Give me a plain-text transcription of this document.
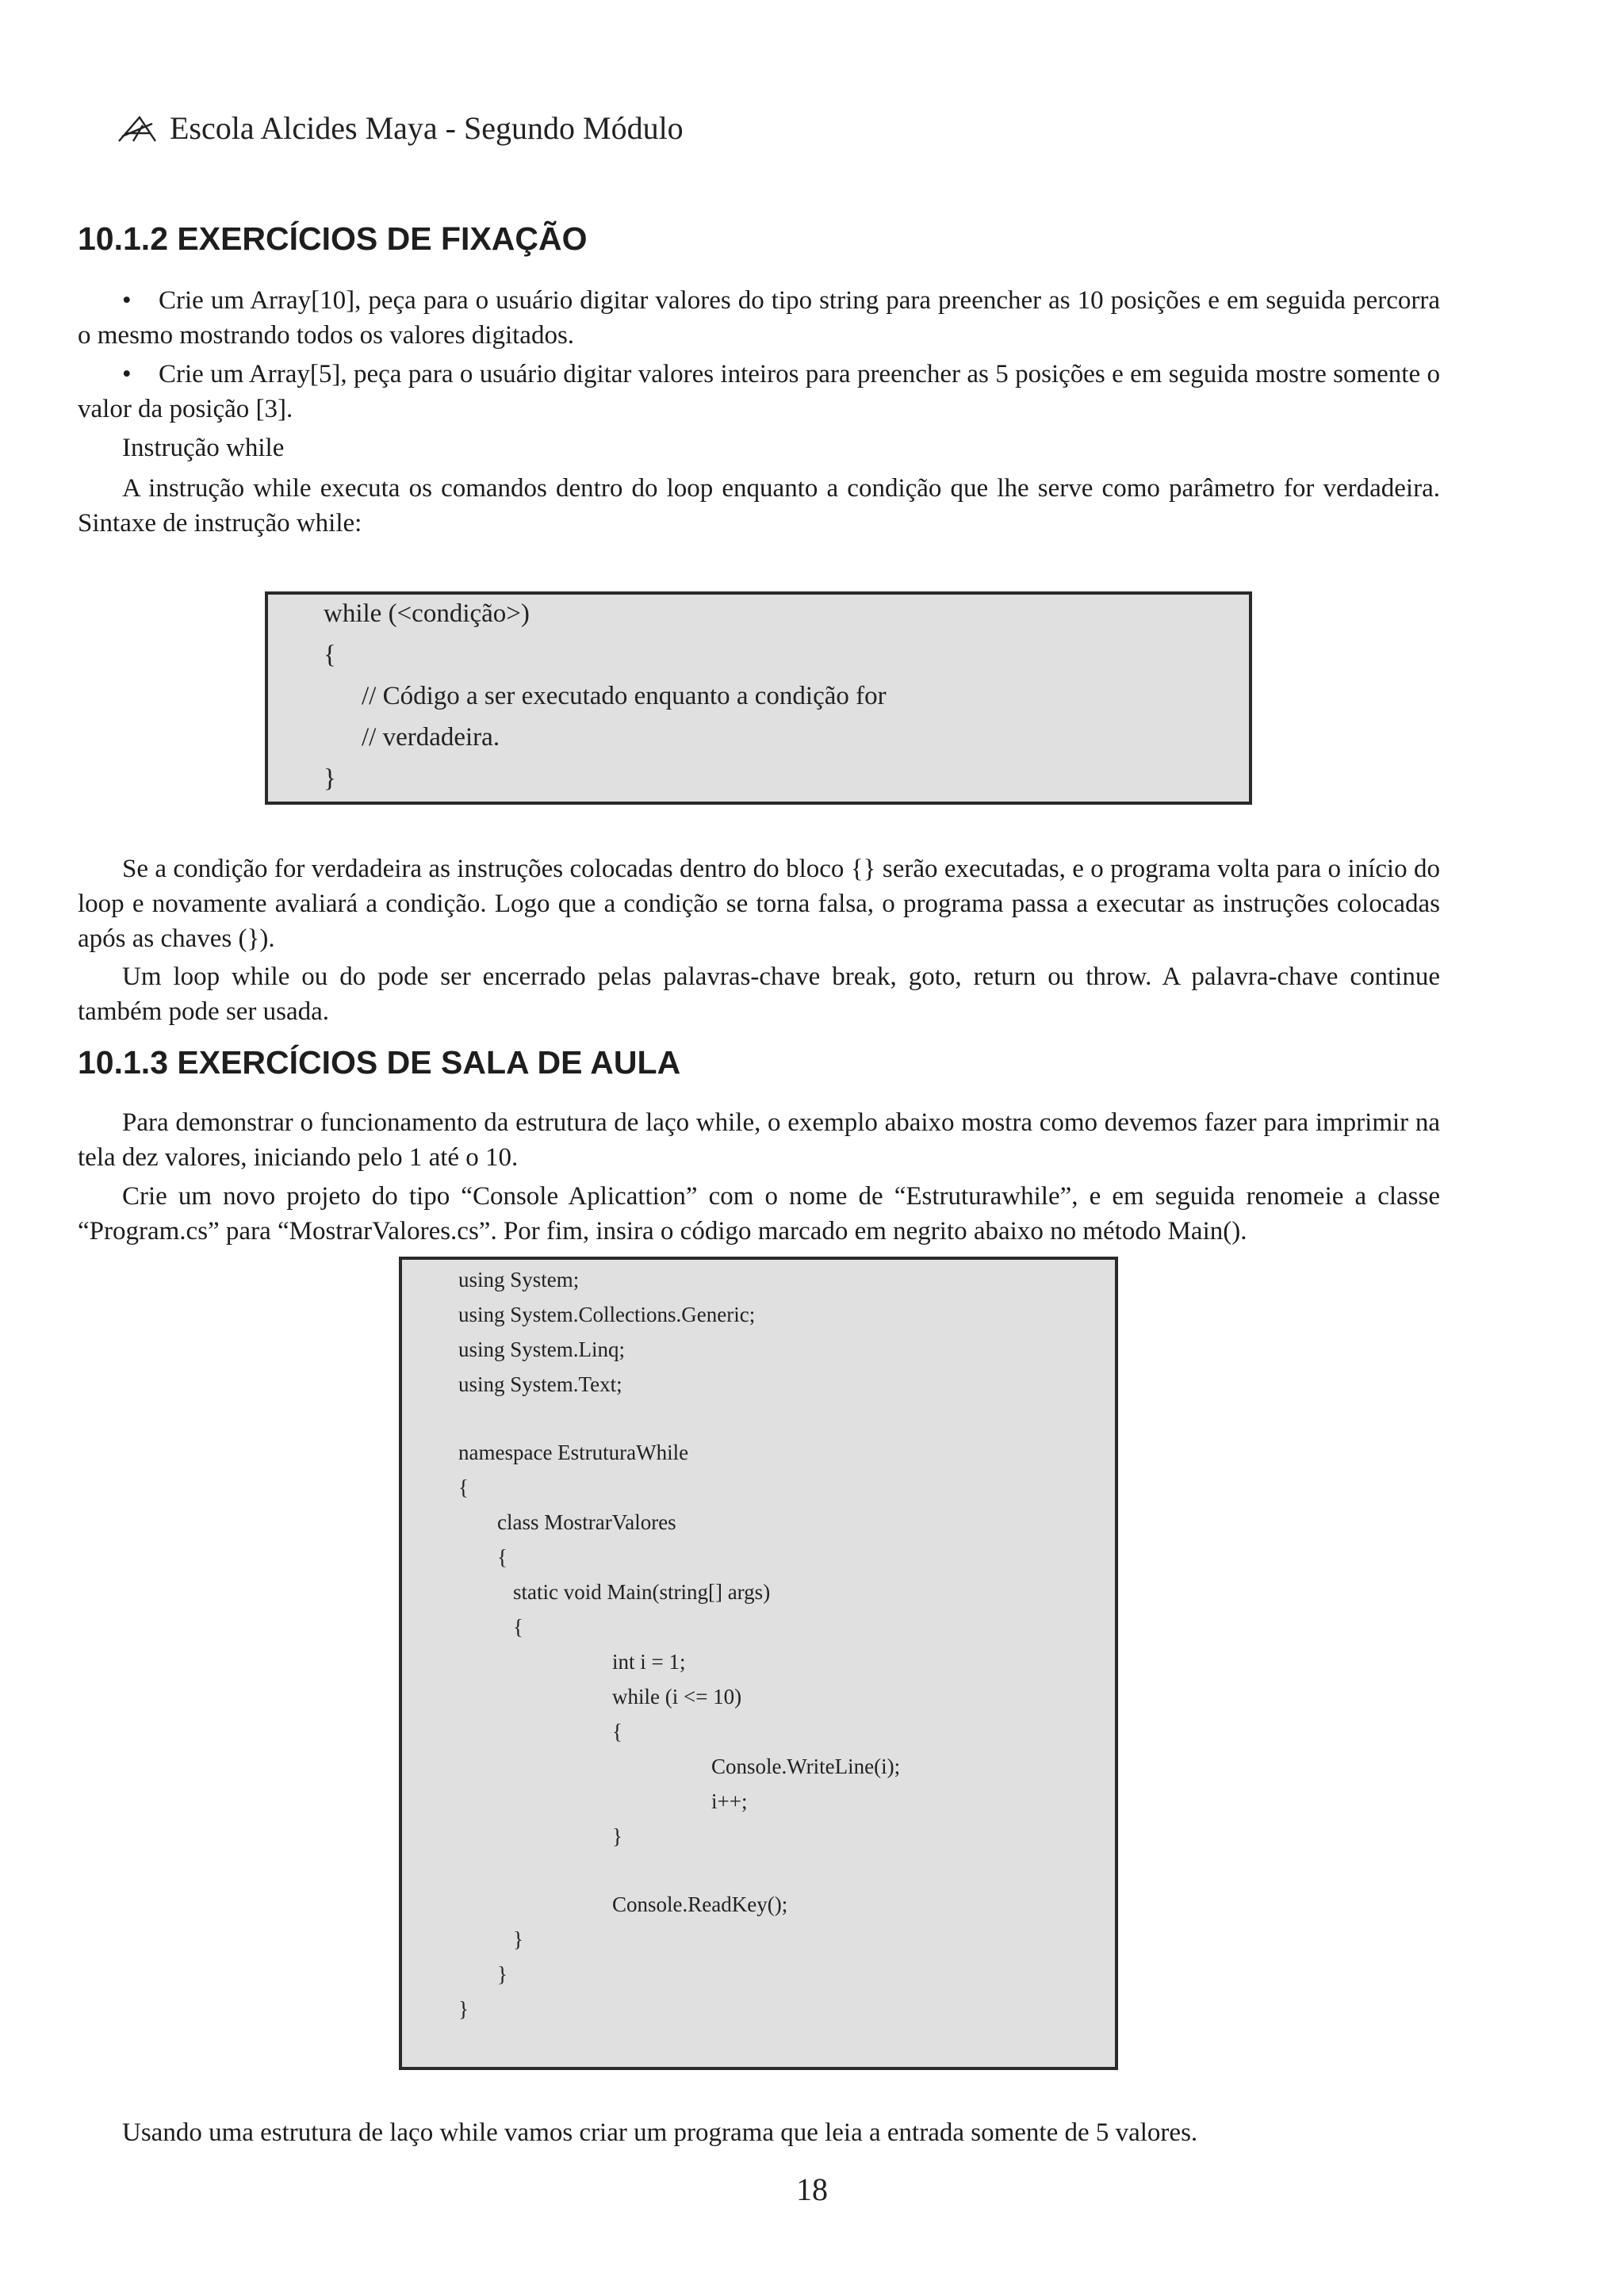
Escola Alcides Maya - Segundo Módulo
10.1.2 EXERCÍCIOS DE FIXAÇÃO

• Crie um Array[10], peça para o usuário digitar valores do tipo string para preencher as 10 posições e em seguida percorra o mesmo mostrando todos os valores digitados.

• Crie um Array[5], peça para o usuário digitar valores inteiros para preencher as 5 posições e em seguida mostre somente o valor da posição [3].

Instrução while

A instrução while executa os comandos dentro do loop enquanto a condição que lhe serve como parâmetro for verdadeira. Sintaxe de instrução while:

while (<condição>)
{
// Código a ser executado enquanto a condição for
// verdadeira.
}

Se a condição for verdadeira as instruções colocadas dentro do bloco {} serão executadas, e o programa volta para o início do loop e novamente avaliará a condição. Logo que a condição se torna falsa, o programa passa a executar as instruções colocadas após as chaves (}).

Um loop while ou do pode ser encerrado pelas palavras-chave break, goto, return ou throw. A palavra-chave continue também pode ser usada.

10.1.3 EXERCÍCIOS DE SALA DE AULA

Para demonstrar o funcionamento da estrutura de laço while, o exemplo abaixo mostra como devemos fazer para imprimir na tela dez valores, iniciando pelo 1 até o 10.

Crie um novo projeto do tipo “Console Aplicattion” com o nome de “Estruturawhile”, e em seguida renomeie a classe “Program.cs” para “MostrarValores.cs”. Por fim, insira o código marcado em negrito abaixo no método Main().

using System;
using System.Collections.Generic;
using System.Linq;
using System.Text;
namespace EstruturaWhile
{
class MostrarValores
{
static void Main(string[] args)
{
int i = 1;
while (i <= 10)
{
Console.WriteLine(i);
i++;
}
Console.ReadKey();
}
}
}

Usando uma estrutura de laço while vamos criar um programa que leia a entrada somente de 5 valores.

18
